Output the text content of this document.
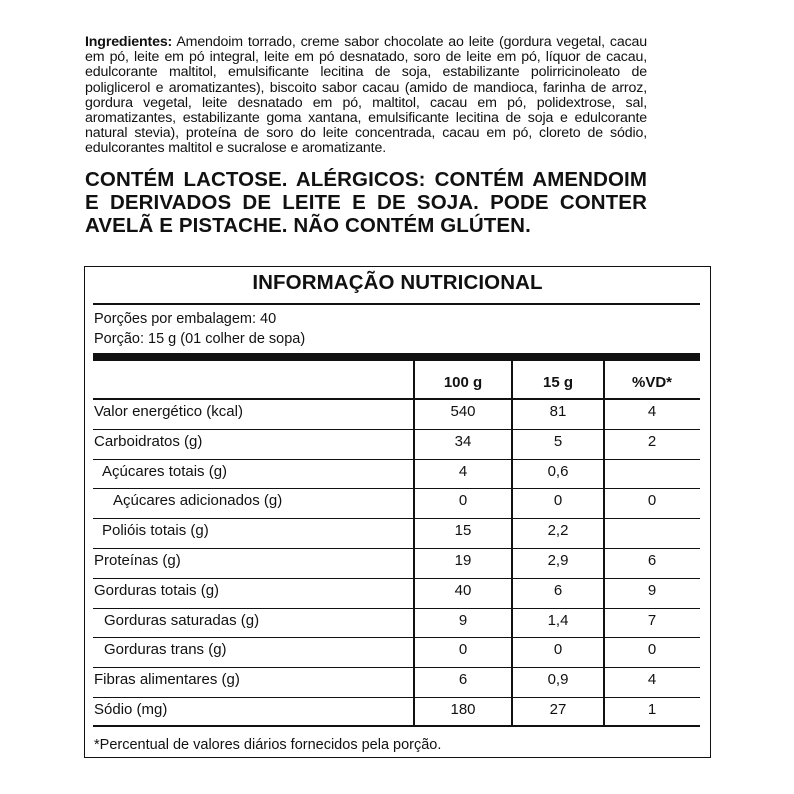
Ingredientes: Amendoim torrado, creme sabor chocolate ao leite (gordura vegetal, cacau em pó, leite em pó integral, leite em pó desnatado, soro de leite em pó, líquor de cacau, edulcorante maltitol, emulsificante lecitina de soja, estabilizante polirricinoleato de poliglicerol e aromatizantes), biscoito sabor cacau (amido de mandioca, farinha de arroz, gordura vegetal, leite desnatado em pó, maltitol, cacau em pó, polidextrose, sal, aromatizantes, estabilizante goma xantana, emulsificante lecitina de soja e edulcorante natural stevia), proteína de soro do leite concentrada, cacau em pó, cloreto de sódio, edulcorantes maltitol e sucralose e aromatizante.
CONTÉM LACTOSE. ALÉRGICOS: CONTÉM AMENDOIM E DERIVADOS DE LEITE E DE SOJA. PODE CONTER AVELÃ E PISTACHE. NÃO CONTÉM GLÚTEN.
INFORMAÇÃO NUTRICIONAL
Porções por embalagem: 40
Porção: 15 g (01 colher de sopa)
100 g	15 g	%VD*
Valor energético (kcal)	540	81	4
Carboidratos (g)	34	5	2
Açúcares totais (g)	4	0,6
Açúcares adicionados (g)	0	0	0
Polióis totais (g)	15	2,2
Proteínas (g)	19	2,9	6
Gorduras totais (g)	40	6	9
Gorduras saturadas (g)	9	1,4	7
Gorduras trans (g)	0	0	0
Fibras alimentares (g)	6	0,9	4
Sódio (mg)	180	27	1
*Percentual de valores diários fornecidos pela porção.
